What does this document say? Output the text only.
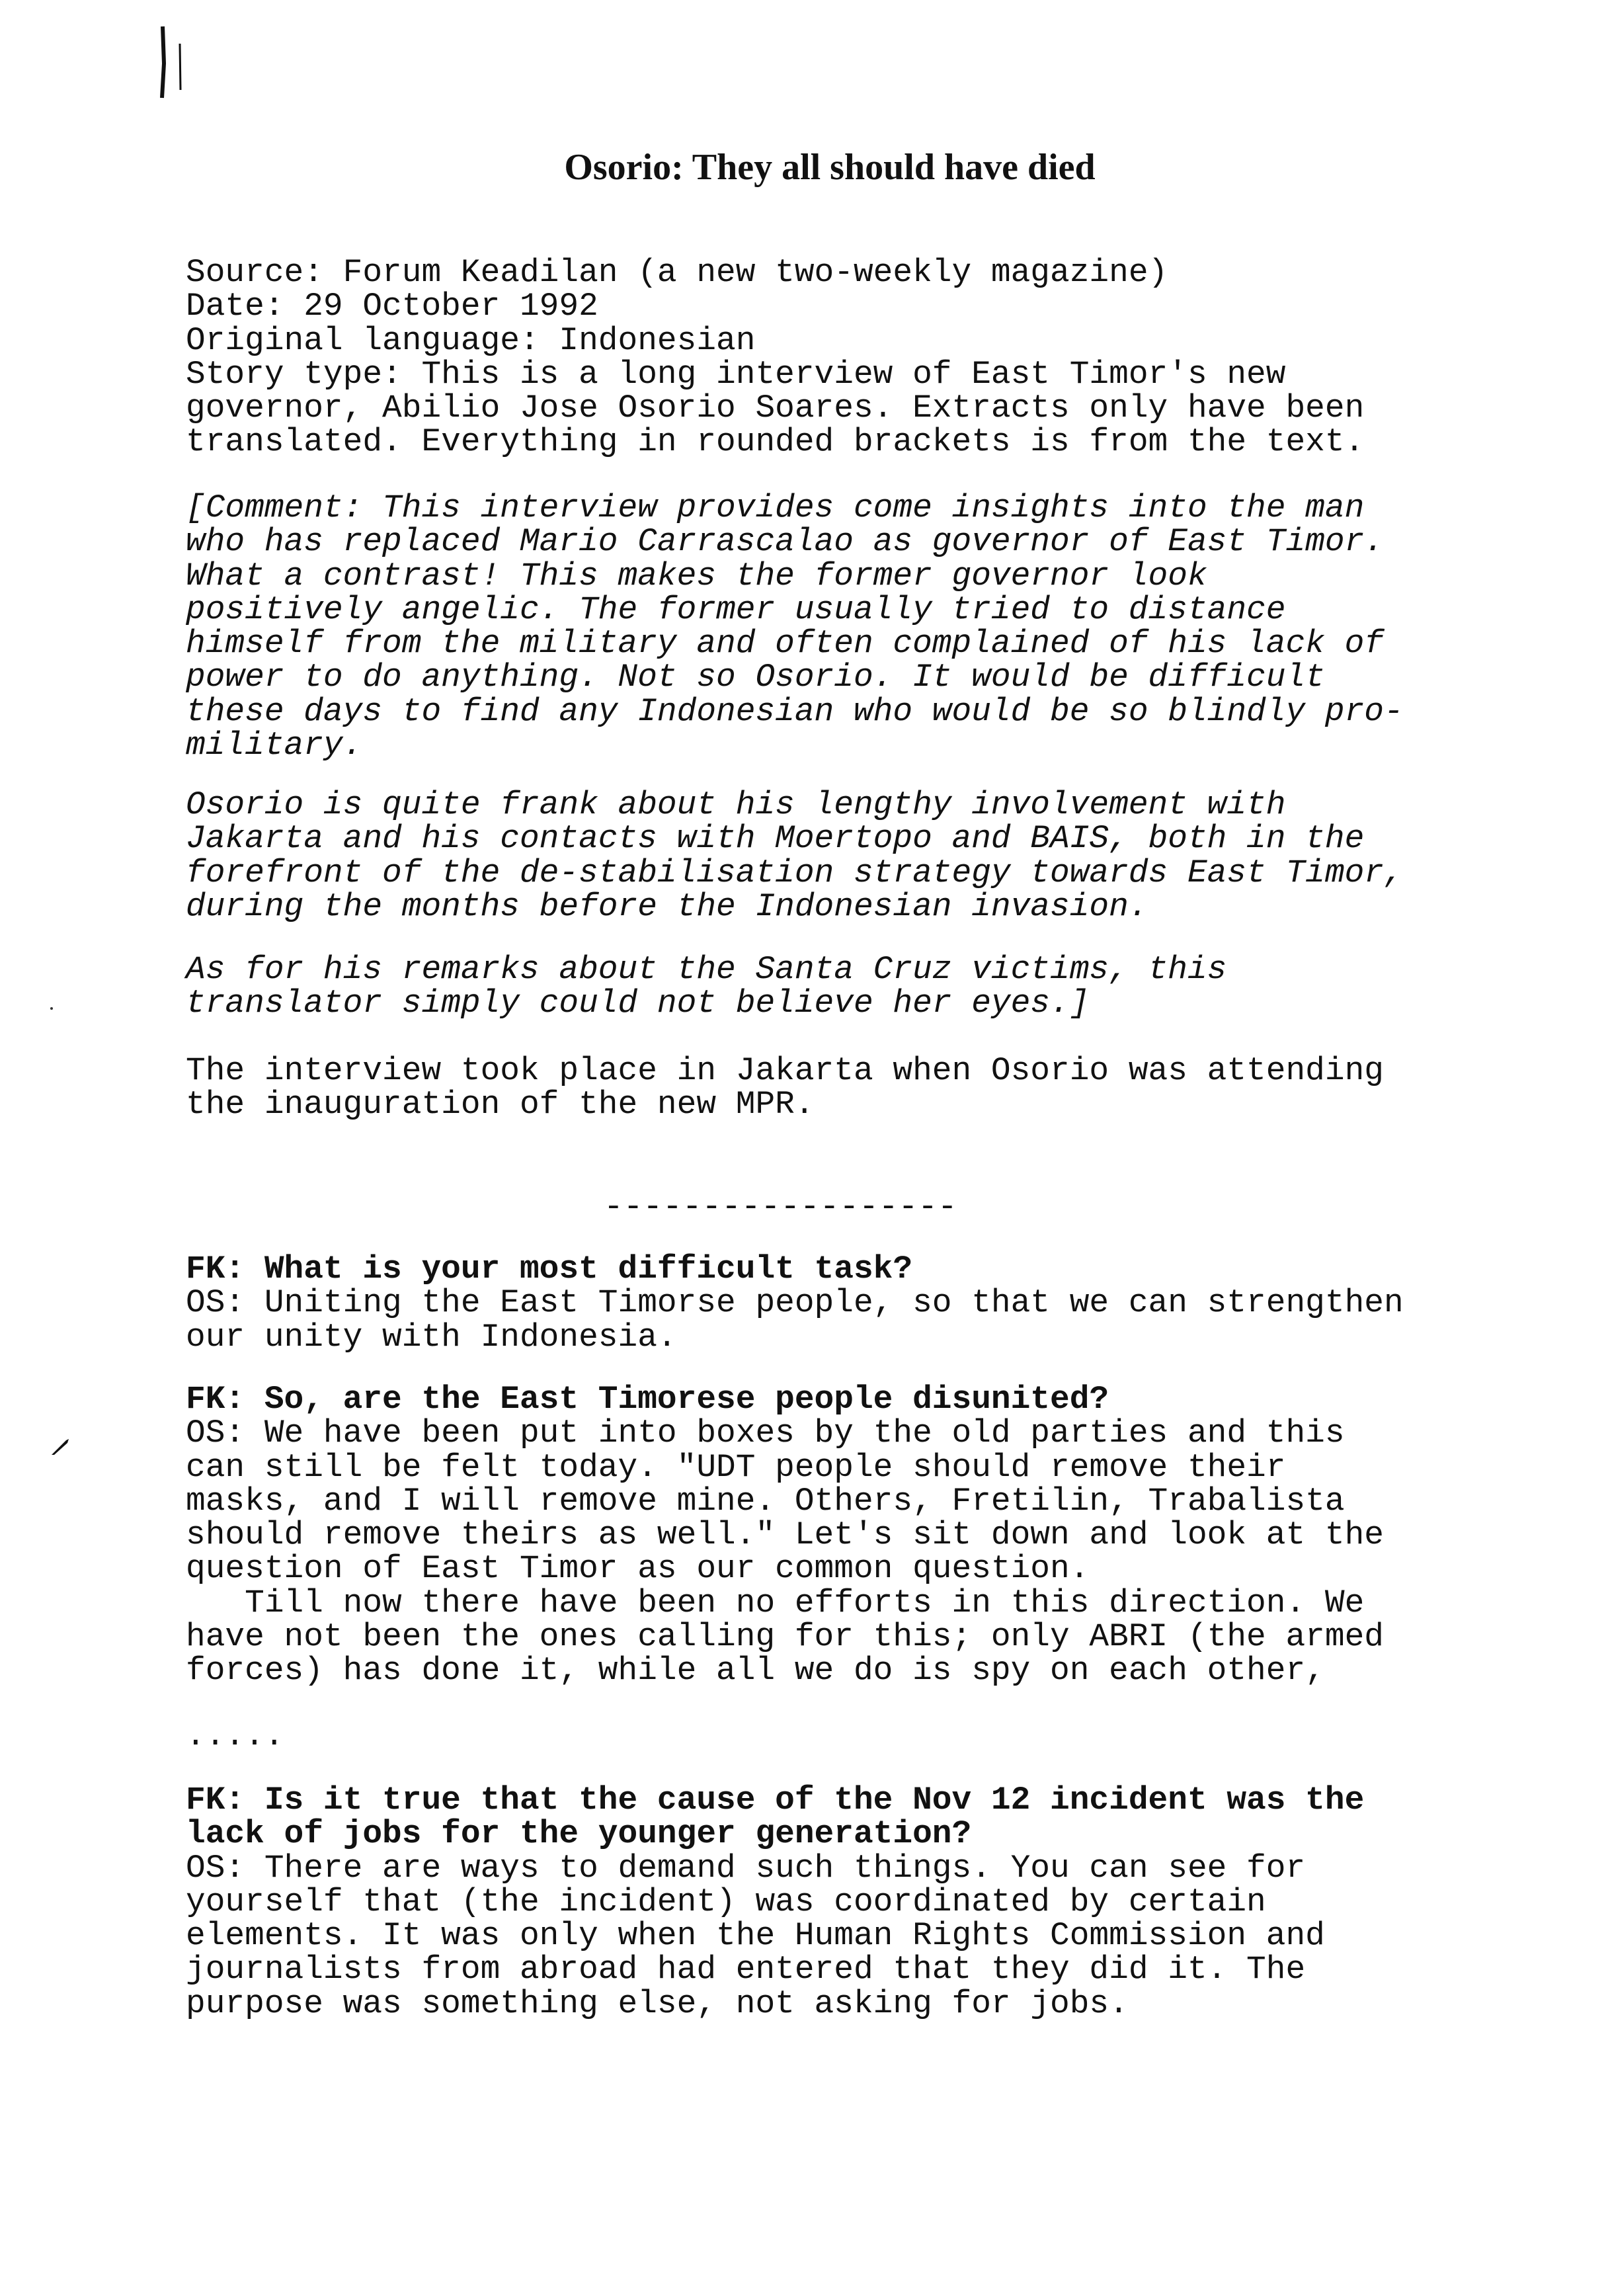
Osorio: They all should have died
Source: Forum Keadilan (a new two-weekly magazine)
Date: 29 October 1992
Original language: Indonesian
Story type: This is a long interview of East Timor's new
governor, Abilio Jose Osorio Soares. Extracts only have been
translated. Everything in rounded brackets is from the text.
[Comment: This interview provides come insights into the man
who has replaced Mario Carrascalao as governor of East Timor.
What a contrast! This makes the former governor look
positively angelic. The former usually tried to distance
himself from the military and often complained of his lack of
power to do anything. Not so Osorio. It would be difficult
these days to find any Indonesian who would be so blindly pro-
military.
Osorio is quite frank about his lengthy involvement with
Jakarta and his contacts with Moertopo and BAIS, both in the
forefront of the de-stabilisation strategy towards East Timor,
during the months before the Indonesian invasion.
As for his remarks about the Santa Cruz victims, this
translator simply could not believe her eyes.]
The interview took place in Jakarta when Osorio was attending
the inauguration of the new MPR.
------------------
FK: What is your most difficult task?
OS: Uniting the East Timorse people, so that we can strengthen
our unity with Indonesia.
FK: So, are the East Timorese people disunited?
OS: We have been put into boxes by the old parties and this
can still be felt today. "UDT people should remove their
masks, and I will remove mine. Others, Fretilin, Trabalista
should remove theirs as well." Let's sit down and look at the
question of East Timor as our common question.
Till now there have been no efforts in this direction. We
have not been the ones calling for this; only ABRI (the armed
forces) has done it, while all we do is spy on each other,
.....
FK: Is it true that the cause of the Nov 12 incident was the
lack of jobs for the younger generation?
OS: There are ways to demand such things. You can see for
yourself that (the incident) was coordinated by certain
elements. It was only when the Human Rights Commission and
journalists from abroad had entered that they did it. The
purpose was something else, not asking for jobs.
